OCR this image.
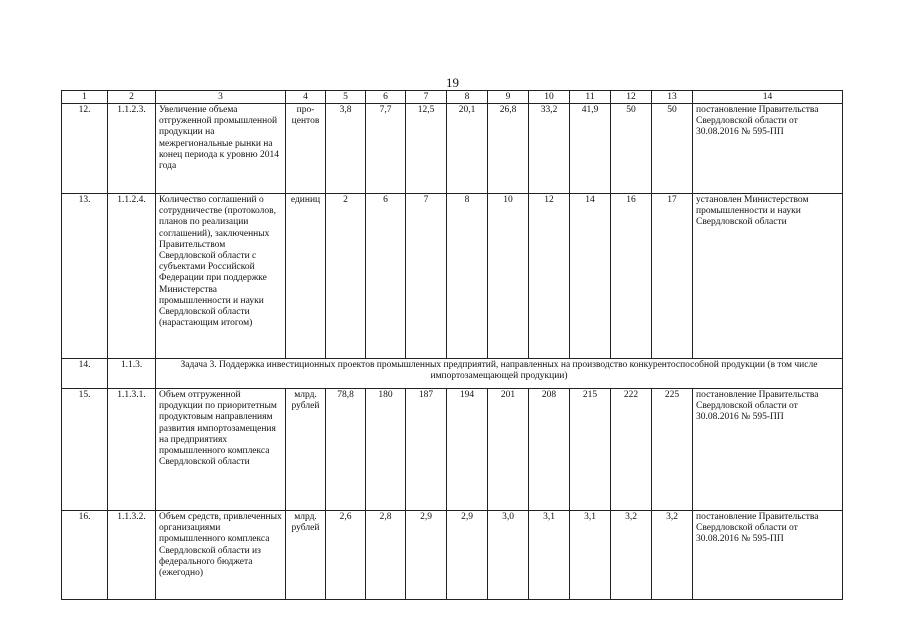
19
1	2	3	4	5	6	7	8	9	10	11	12	13	14
12.	1.1.2.3.	Увеличение объема отгруженной промышленной продукции на межрегиональные рынки на конец периода к уровню 2014 года	про-центов	3,8	7,7	12,5	20,1	26,8	33,2	41,9	50	50	постановление Правительства Свердловской области от 30.08.2016 № 595-ПП
13.	1.1.2.4.	Количество соглашений о сотрудничестве (протоколов, планов по реализации соглашений), заключенных Правительством Свердловской области с субъектами Российской Федерации при поддержке Министерства промышленности и науки Свердловской области (нарастающим итогом)	единиц	2	6	7	8	10	12	14	16	17	установлен Министерством промышленности и науки Свердловской области
14.	1.1.3.	Задача 3. Поддержка инвестиционных проектов промышленных предприятий, направленных на производство конкурентоспособной продукции (в том числе импортозамещающей продукции)											
15.	1.1.3.1.	Объем отгруженной продукции по приоритетным продуктовым направлениям развития импортозамещения на предприятиях промышленного комплекса Свердловской области	млрд. рублей	78,8	180	187	194	201	208	215	222	225	постановление Правительства Свердловской области от 30.08.2016 № 595-ПП
16.	1.1.3.2.	Объем средств, привлеченных организациями промышленного комплекса Свердловской области из федерального бюджета (ежегодно)	млрд. рублей	2,6	2,8	2,9	2,9	3,0	3,1	3,1	3,2	3,2	постановление Правительства Свердловской области от 30.08.2016 № 595-ПП
